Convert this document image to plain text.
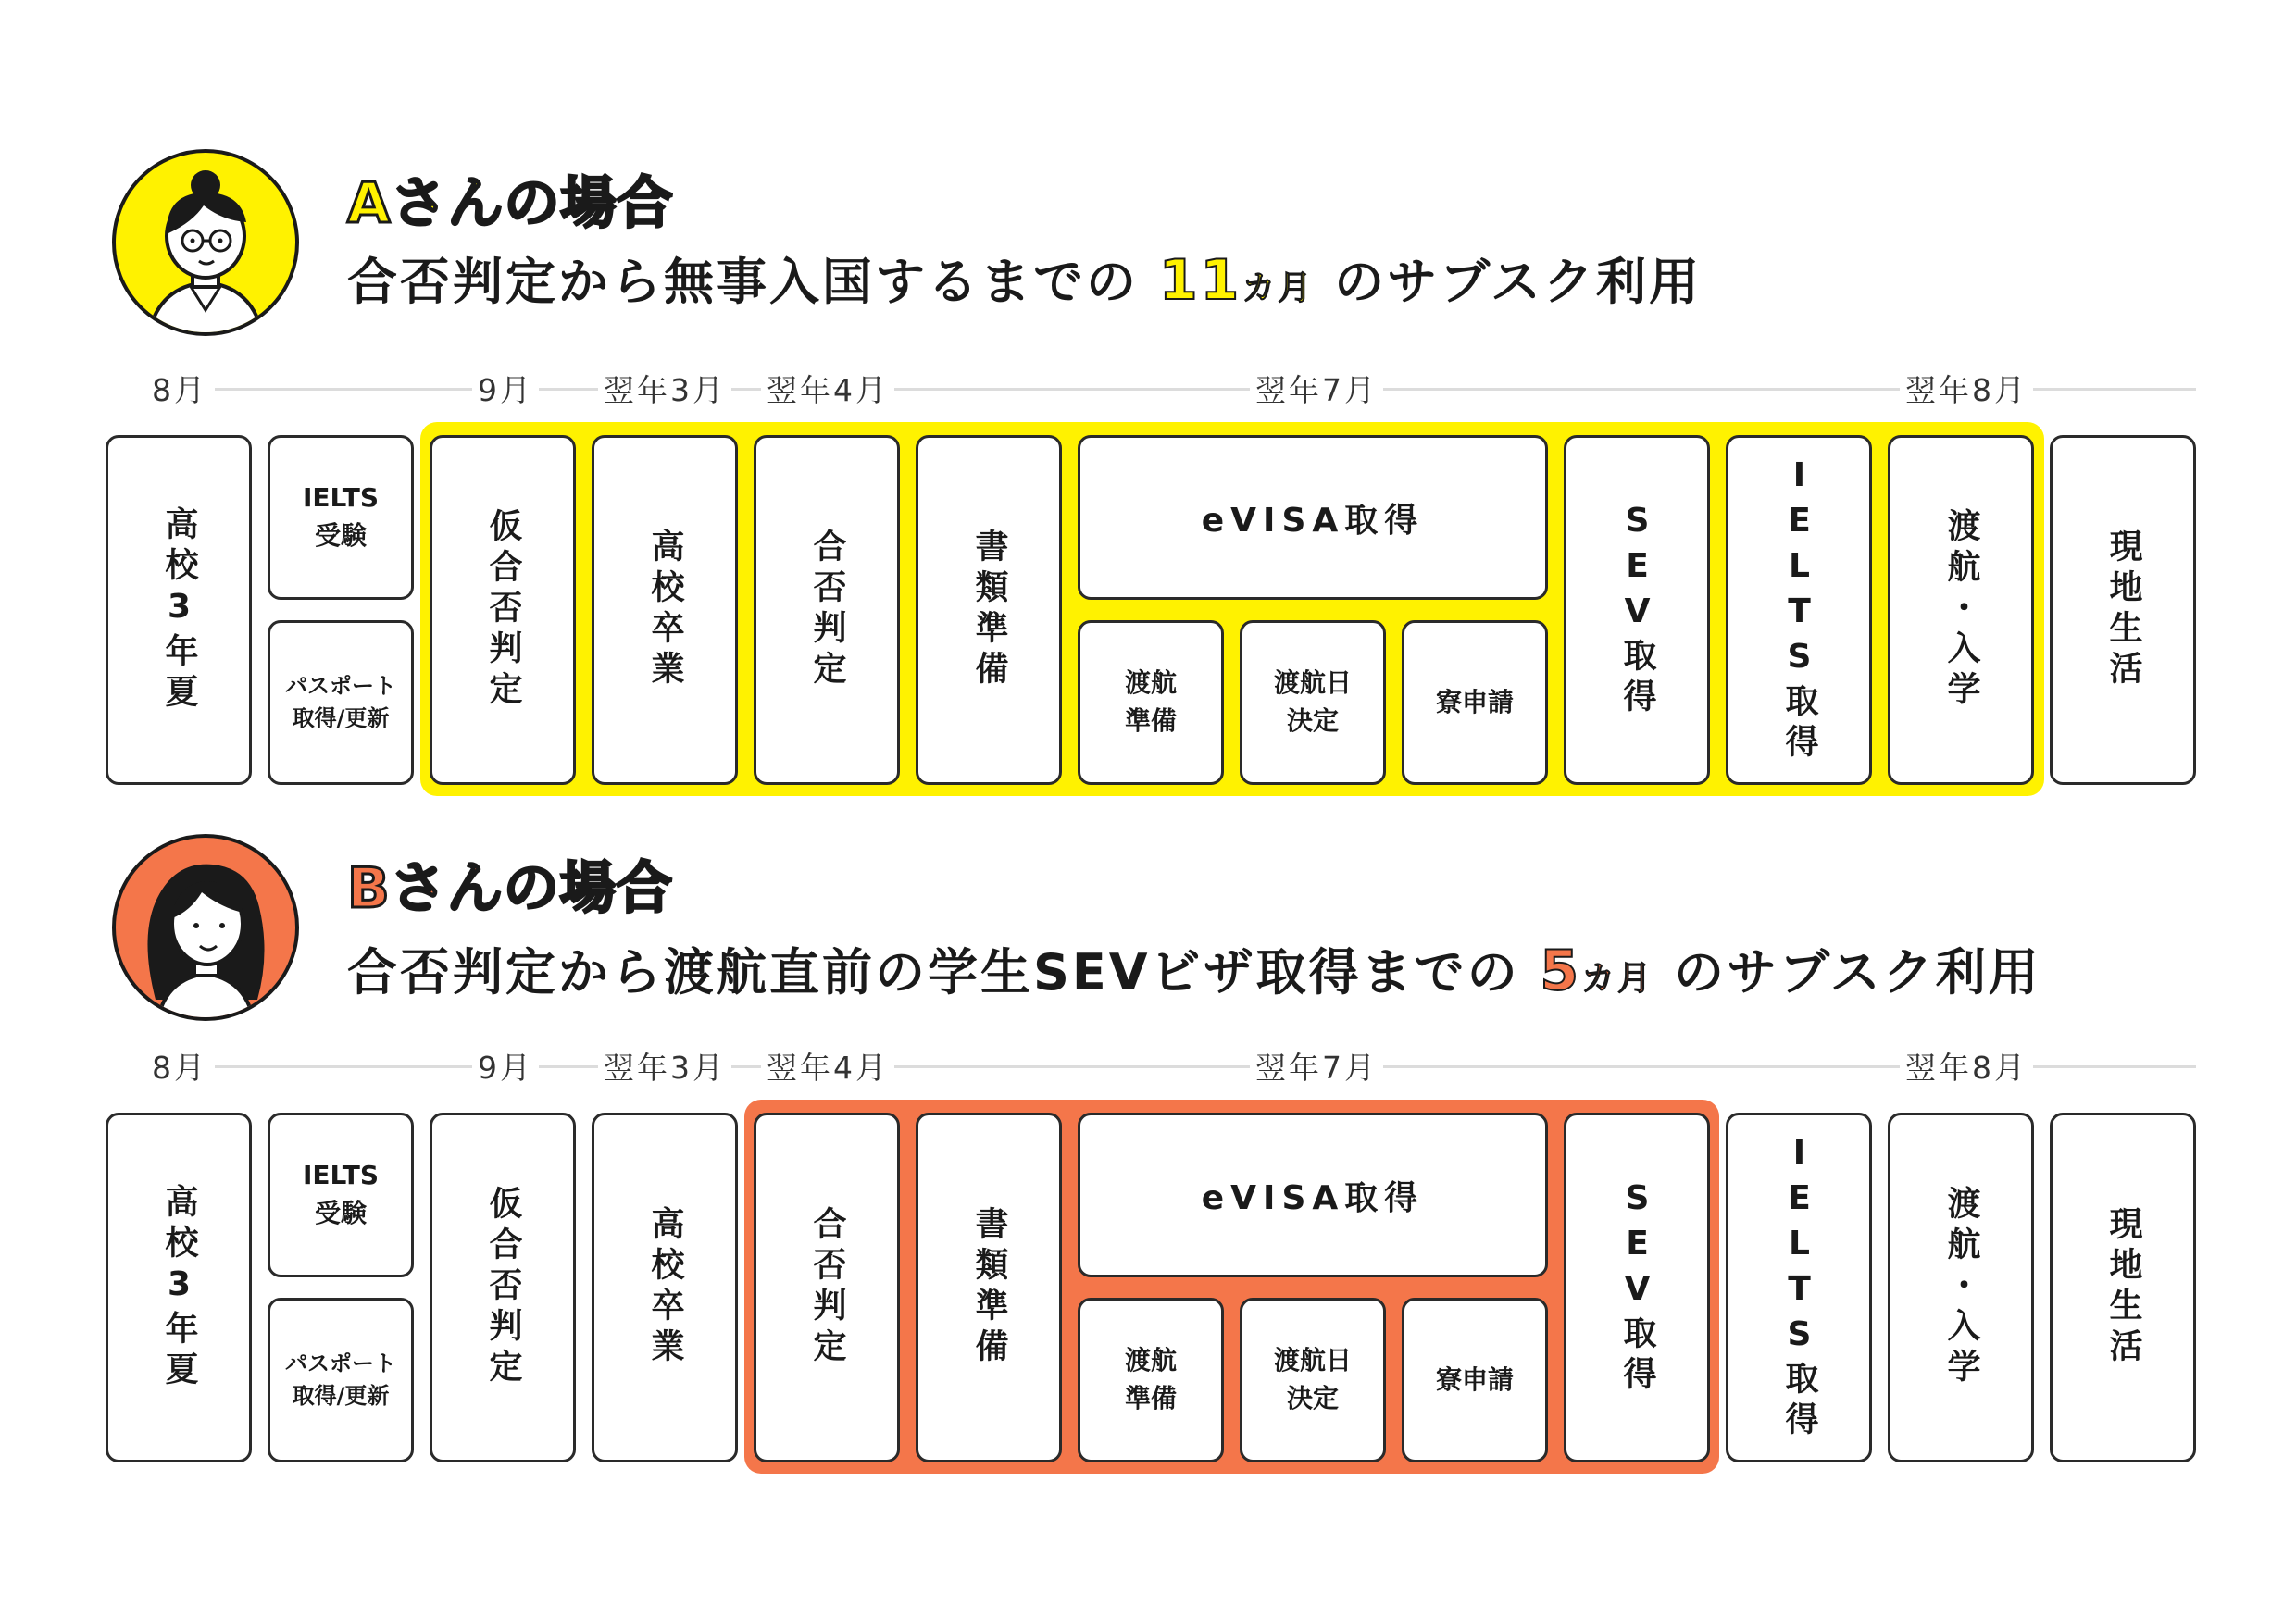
Aさんの場合
合否判定から無事入国するまでの 11カ月 のサブスク利用
8月	9月 翌年3月 翌年4月	翌年7月	翌年8月
高校3年夏
IELTS
受験
パスポート
取得/更新
仮合否判定	高校卒業	合否判定	書類準備
eVISA取得
渡航
準備
渡航日
決定
寮申請	SEV取得	IELTS取得	渡航・入学	現地生活
Bさんの場合
合否判定から渡航直前の学生SEVビザ取得までの 5カ月 のサブスク利用
8月	9月 翌年3月 翌年4月	翌年7月	翌年8月
高校3年夏
IELTS
受験
パスポート
取得/更新
仮合否判定	高校卒業	合否判定	書類準備
eVISA取得
渡航
準備
渡航日
決定
寮申請	SEV取得	IELTS取得	渡航・入学	現地生活
